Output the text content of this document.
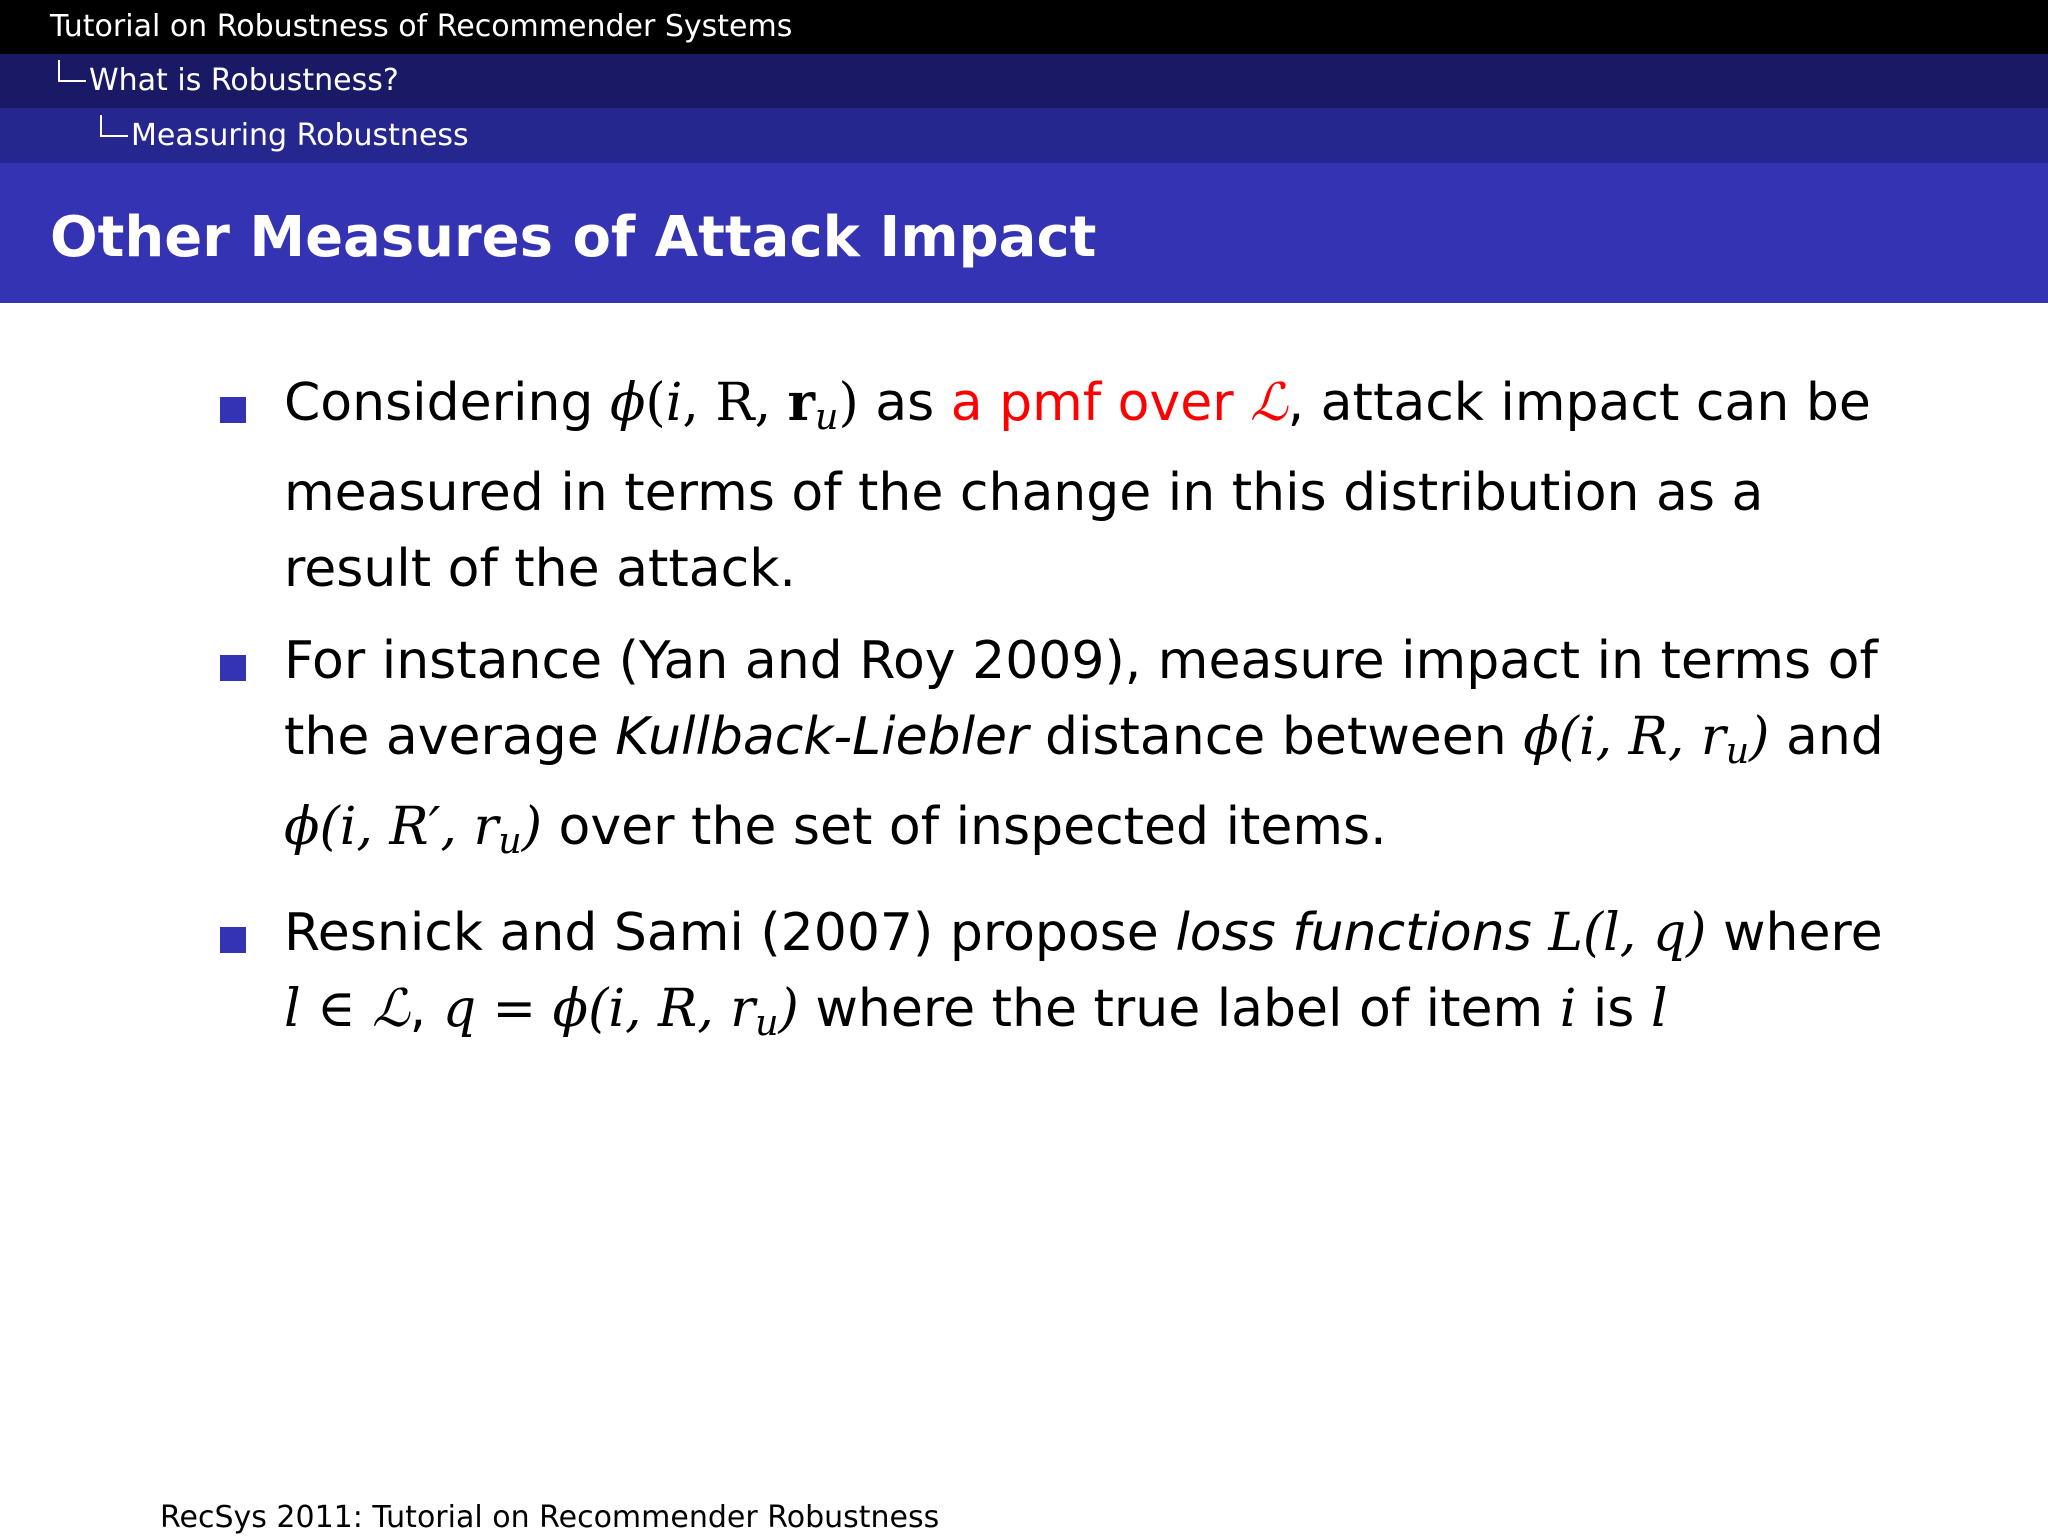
Tutorial on Robustness of Recommender Systems
What is Robustness?
Measuring Robustness
Other Measures of Attack Impact
Considering ϕ(i, R, $r_u$) as a pmf over ℒ, attack impact can be measured in terms of the change in this distribution as a result of the attack.
For instance (Yan and Roy 2009), measure impact in terms of the average Kullback-Liebler distance between ϕ(i, R, $r_u$) and ϕ(i, R′, $r_u$) over the set of inspected items.
Resnick and Sami (2007) propose loss functions L(l, q) where l ∈ ℒ, q = ϕ(i, R, $r_u$) where the true label of item i is l
RecSys 2011: Tutorial on Recommender Robustness
